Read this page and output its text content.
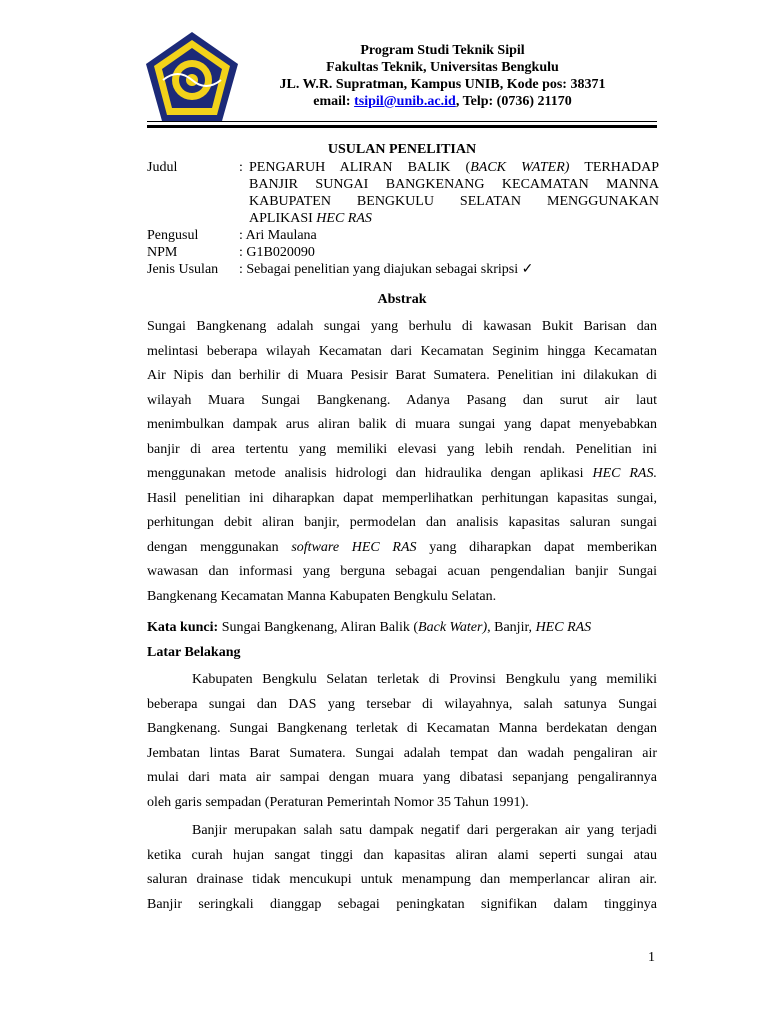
Program Studi Teknik Sipil
Fakultas Teknik, Universitas Bengkulu
JL. W.R. Supratman, Kampus UNIB, Kode pos: 38371
email: tsipil@unib.ac.id, Telp: (0736) 21170
USULAN PENELITIAN
Judul	: PENGARUH ALIRAN BALIK (BACK WATER) TERHADAP
BANJIR SUNGAI BANGKENANG KECAMATAN MANNA
KABUPATEN BENGKULU SELATAN MENGGUNAKAN
APLIKASI HEC RAS
Pengusul	: Ari Maulana
NPM	: G1B020090
Jenis Usulan	: Sebagai penelitian yang diajukan sebagai skripsi ✓
Abstrak
Sungai Bangkenang adalah sungai yang berhulu di kawasan Bukit Barisan dan
melintasi beberapa wilayah Kecamatan dari Kecamatan Seginim hingga Kecamatan
Air Nipis dan berhilir di Muara Pesisir Barat Sumatera. Penelitian ini dilakukan di
wilayah Muara Sungai Bangkenang. Adanya Pasang dan surut air laut
menimbulkan dampak arus aliran balik di muara sungai yang dapat menyebabkan
banjir di area tertentu yang memiliki elevasi yang lebih rendah. Penelitian ini
menggunakan metode analisis hidrologi dan hidraulika dengan aplikasi HEC RAS.
Hasil penelitian ini diharapkan dapat memperlihatkan perhitungan kapasitas sungai,
perhitungan debit aliran banjir, permodelan dan analisis kapasitas saluran sungai
dengan menggunakan software HEC RAS yang diharapkan dapat memberikan
wawasan dan informasi yang berguna sebagai acuan pengendalian banjir Sungai
Bangkenang Kecamatan Manna Kabupaten Bengkulu Selatan.
Kata kunci: Sungai Bangkenang, Aliran Balik (Back Water), Banjir, HEC RAS
Latar Belakang
Kabupaten Bengkulu Selatan terletak di Provinsi Bengkulu yang memiliki
beberapa sungai dan DAS yang tersebar di wilayahnya, salah satunya Sungai
Bangkenang. Sungai Bangkenang terletak di Kecamatan Manna berdekatan dengan
Jembatan lintas Barat Sumatera. Sungai adalah tempat dan wadah pengaliran air
mulai dari mata air sampai dengan muara yang dibatasi sepanjang pengalirannya
oleh garis sempadan (Peraturan Pemerintah Nomor 35 Tahun 1991).
Banjir merupakan salah satu dampak negatif dari pergerakan air yang terjadi
ketika curah hujan sangat tinggi dan kapasitas aliran alami seperti sungai atau
saluran drainase tidak mencukupi untuk menampung dan memperlancar aliran air.
Banjir seringkali dianggap sebagai peningkatan signifikan dalam tingginya
1
